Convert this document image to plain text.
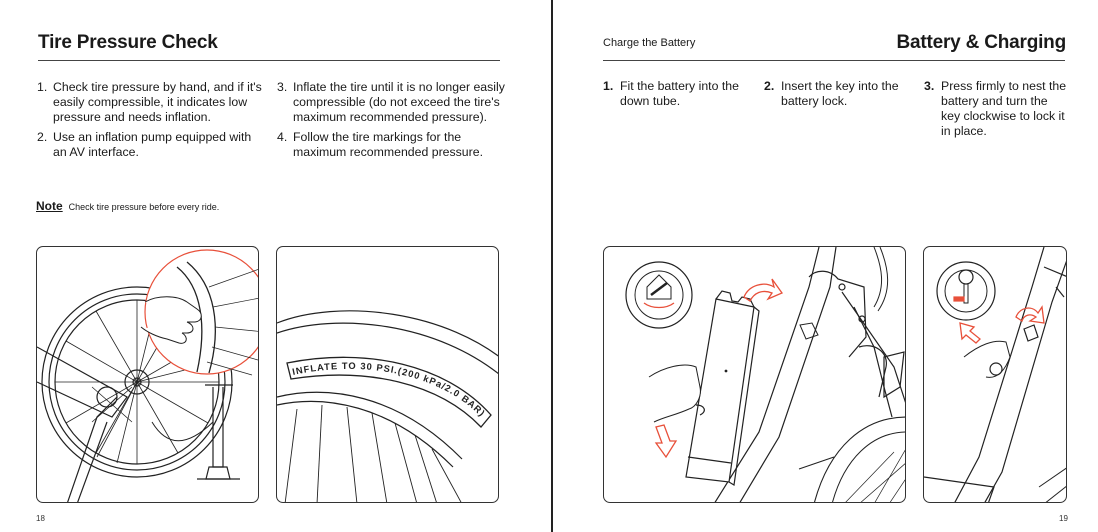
Tire Pressure Check
1. Check tire pressure by hand, and if it's easily compressible, it indicates low pressure and needs inflation.
2. Use an inflation pump equipped with an AV interface.
3. Inflate the tire until it is no longer easily compressible (do not exceed the tire's maximum recommended pressure).
4. Follow the tire markings for the maximum recommended pressure.
Note Check tire pressure before every ride.
INFLATE TO 30 PSI.(200 kPa/2.0 BAR)
18
Charge the Battery	Battery & Charging
1. Fit the battery into the down tube.
2. Insert the key into the battery lock.
3. Press firmly to nest the battery and turn the key clockwise to lock it in place.
19
